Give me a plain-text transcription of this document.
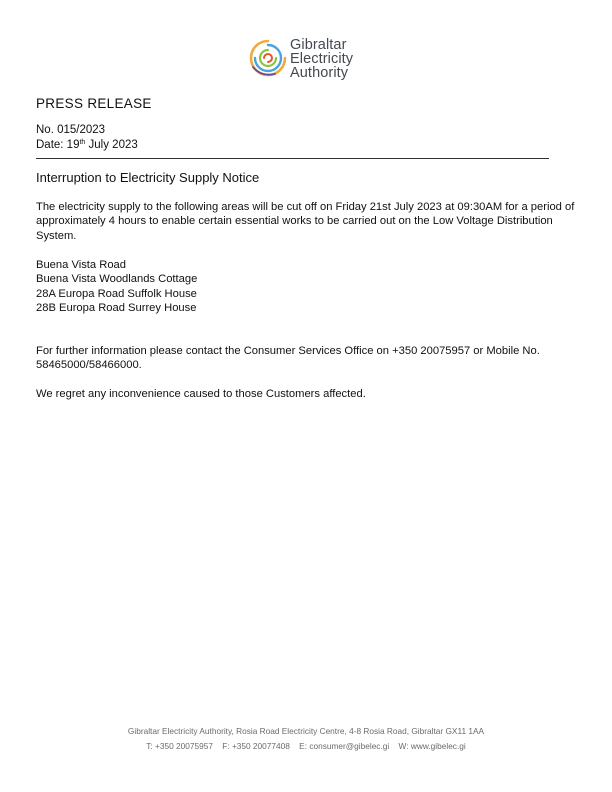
Gibraltar
Electricity
Authority
PRESS RELEASE
No. 015/2023
Date: 19th July 2023
Interruption to Electricity Supply Notice
The electricity supply to the following areas will be cut off on Friday 21st July 2023 at 09:30AM for a period of approximately 4 hours to enable certain essential works to be carried out on the Low Voltage Distribution System.
Buena Vista Road
Buena Vista Woodlands Cottage
28A Europa Road Suffolk House
28B Europa Road Surrey House
For further information please contact the Consumer Services Office on +350 20075957 or Mobile No. 58465000/58466000.
We regret any inconvenience caused to those Customers affected.
Gibraltar Electricity Authority, Rosia Road Electricity Centre, 4-8 Rosia Road, Gibraltar GX11 1AA
T: +350 20075957 F: +350 20077408 E: consumer@gibelec.gi W: www.gibelec.gi
